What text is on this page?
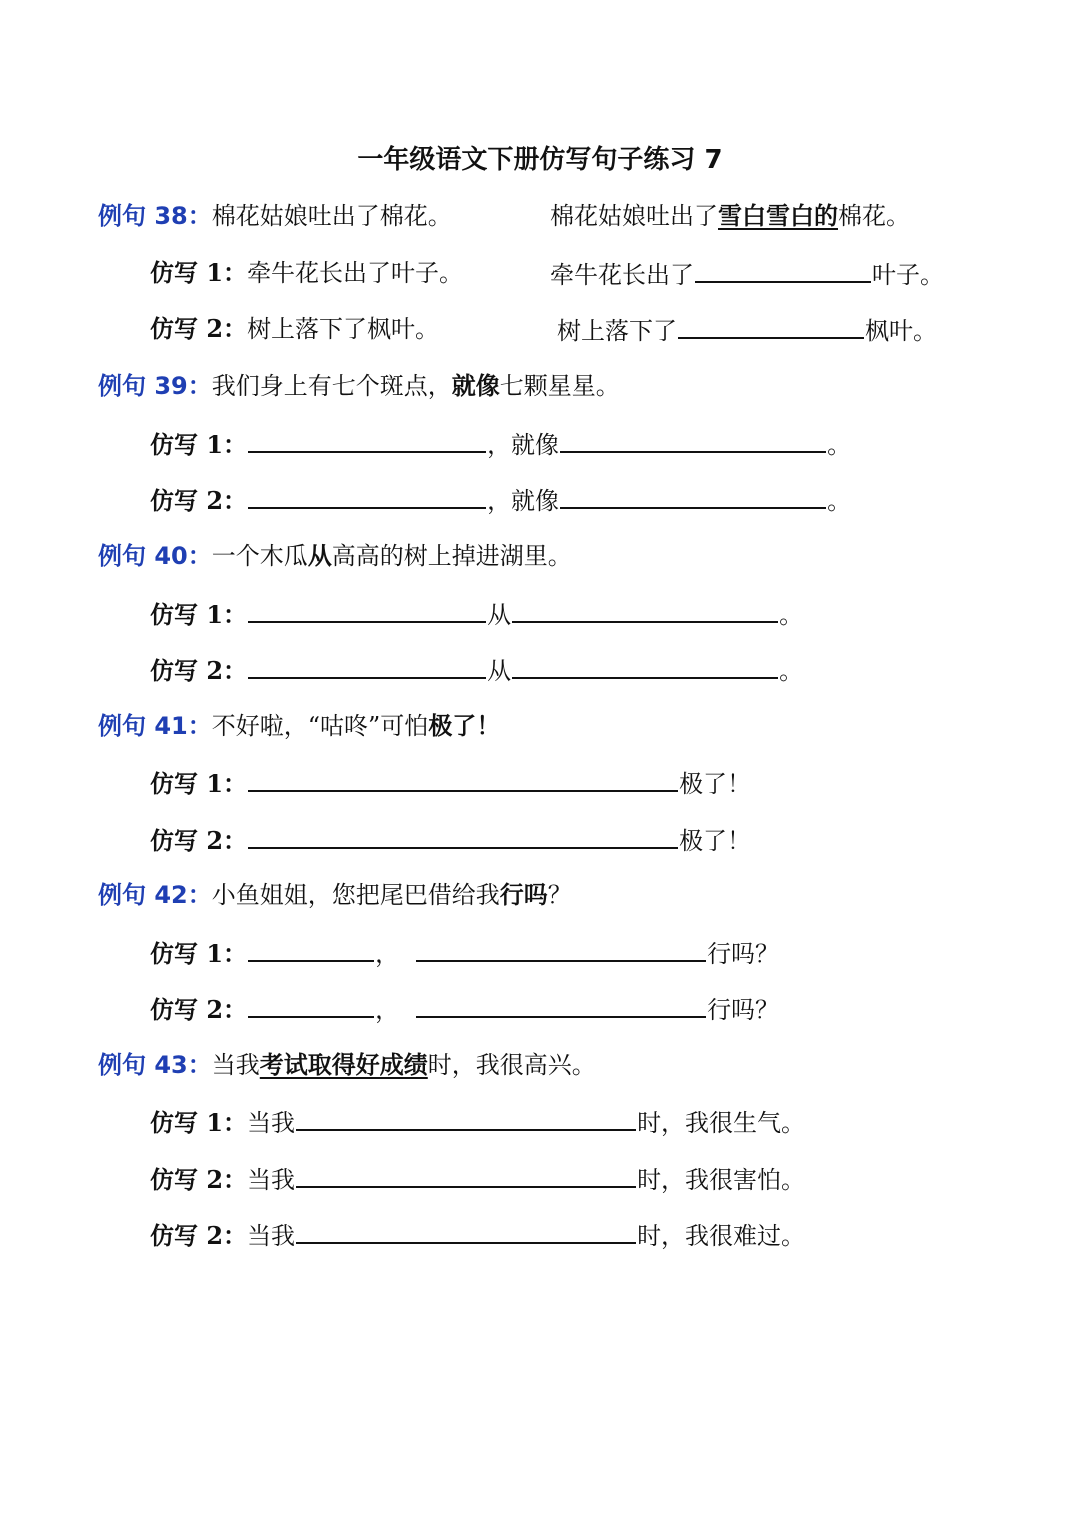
一年级语文下册仿写句子练习 7
例句 38：棉花姑娘吐出了棉花。	棉花姑娘吐出了雪白雪白的棉花。
仿写 1：牵牛花长出了叶子。	牵牛花长出了	叶子。
仿写 2：树上落下了枫叶。	树上落下了	枫叶。
例句 39：我们身上有七个斑点，就像七颗星星。
仿写 1：	，就像	。
仿写 2：	，就像	。
例句 40：一个木瓜从高高的树上掉进湖里。
仿写 1：	从	。
仿写 2：	从	。
例句 41：不好啦，“咕咚”可怕极了！
仿写 1：	极了！
仿写 2：	极了！
例句 42：小鱼姐姐，您把尾巴借给我行吗？
仿写 1：	，	行吗？
仿写 2：	，	行吗？
例句 43：当我考试取得好成绩时，我很高兴。
仿写 1：当我	时，我很生气。
仿写 2：当我	时，我很害怕。
仿写 2：当我	时，我很难过。
